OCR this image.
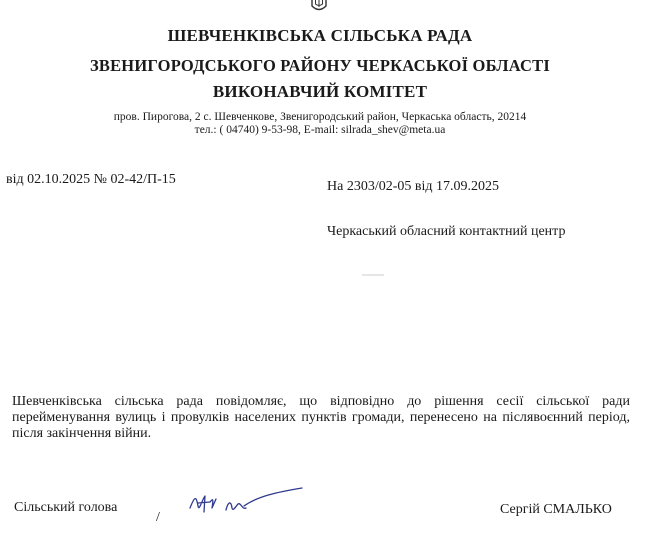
ШЕВЧЕНКІВСЬКА СІЛЬСЬКА РАДА
ЗВЕНИГОРОДСЬКОГО РАЙОНУ ЧЕРКАСЬКОЇ ОБЛАСТІ
ВИКОНАВЧИЙ КОМІТЕТ
пров. Пирогова, 2 с. Шевченкове, Звенигородський район, Черкаська область, 20214
тел.: ( 04740) 9-53-98, E-mail: silrada_shev@meta.ua
від 02.10.2025 № 02-42/П-15	На 2303/02-05 від 17.09.2025
Черкаський обласний контактний центр
Шевченківська сільська рада повідомляє, що відповідно до рішення сесії сільської ради перейменування вулиць і провулків населених пунктів громади, перенесено на післявоєнний період, після закінчення війни.
Сільський голова
/
Сергій СМАЛЬКО
